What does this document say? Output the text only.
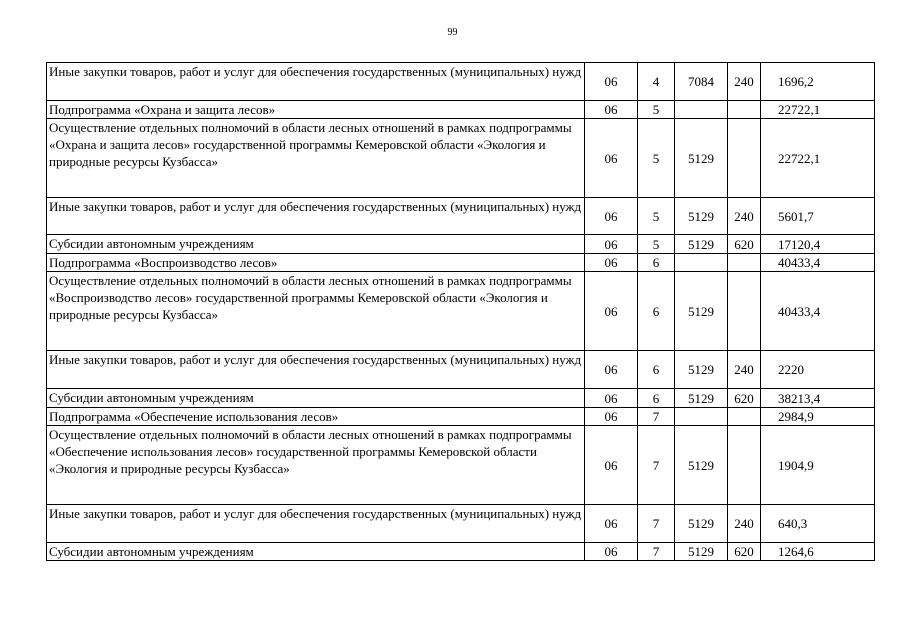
99
Иные закупки товаров, работ и услуг для обеспечения государственных (муниципальных) нужд	06	4	7084	240	1696,2
Подпрограмма «Охрана и защита лесов»	06	5			22722,1
Осуществление отдельных полномочий в области лесных отношений в рамках подпрограммы «Охрана и защита лесов» государственной программы Кемеровской области «Экология и природные ресурсы Кузбасса»	06	5	5129		22722,1
Иные закупки товаров, работ и услуг для обеспечения государственных (муниципальных) нужд	06	5	5129	240	5601,7
Субсидии автономным учреждениям	06	5	5129	620	17120,4
Подпрограмма «Воспроизводство лесов»	06	6			40433,4
Осуществление отдельных полномочий в области лесных отношений в рамках подпрограммы «Воспроизводство лесов» государственной программы Кемеровской области «Экология и природные ресурсы Кузбасса»	06	6	5129		40433,4
Иные закупки товаров, работ и услуг для обеспечения государственных (муниципальных) нужд	06	6	5129	240	2220
Субсидии автономным учреждениям	06	6	5129	620	38213,4
Подпрограмма «Обеспечение использования лесов»	06	7			2984,9
Осуществление отдельных полномочий в области лесных отношений в рамках подпрограммы «Обеспечение использования лесов» государственной программы Кемеровской области «Экология и природные ресурсы Кузбасса»	06	7	5129		1904,9
Иные закупки товаров, работ и услуг для обеспечения государственных (муниципальных) нужд	06	7	5129	240	640,3
Субсидии автономным учреждениям	06	7	5129	620	1264,6
